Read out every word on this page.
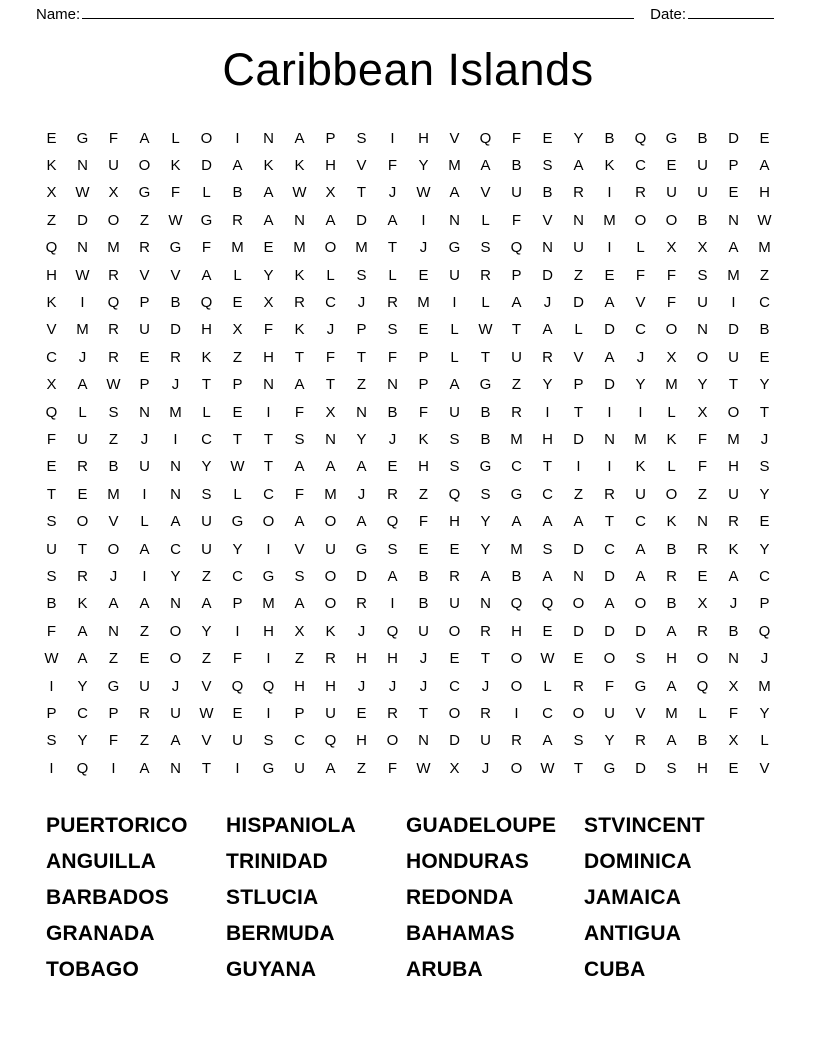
Name:	Date:
Caribbean Islands
E	G	F	A	L	O	I	N	A	P	S	I	H	V	Q	F	E	Y	B	Q	G	B	D	E
K	N	U	O	K	D	A	K	K	H	V	F	Y	M	A	B	S	A	K	C	E	U	P	A
X	W	X	G	F	L	B	A	W	X	T	J	W	A	V	U	B	R	I	R	U	U	E	H
Z	D	O	Z	W	G	R	A	N	A	D	A	I	N	L	F	V	N	M	O	O	B	N	W
Q	N	M	R	G	F	M	E	M	O	M	T	J	G	S	Q	N	U	I	L	X	X	A	M
H	W	R	V	V	A	L	Y	K	L	S	L	E	U	R	P	D	Z	E	F	F	S	M	Z
K	I	Q	P	B	Q	E	X	R	C	J	R	M	I	L	A	J	D	A	V	F	U	I	C
V	M	R	U	D	H	X	F	K	J	P	S	E	L	W	T	A	L	D	C	O	N	D	B
C	J	R	E	R	K	Z	H	T	F	T	F	P	L	T	U	R	V	A	J	X	O	U	E
X	A	W	P	J	T	P	N	A	T	Z	N	P	A	G	Z	Y	P	D	Y	M	Y	T	Y
Q	L	S	N	M	L	E	I	F	X	N	B	F	U	B	R	I	T	I	I	L	X	O	T
F	U	Z	J	I	C	T	T	S	N	Y	J	K	S	B	M	H	D	N	M	K	F	M	J
E	R	B	U	N	Y	W	T	A	A	A	E	H	S	G	C	T	I	I	K	L	F	H	S
T	E	M	I	N	S	L	C	F	M	J	R	Z	Q	S	G	C	Z	R	U	O	Z	U	Y
S	O	V	L	A	U	G	O	A	O	A	Q	F	H	Y	A	A	A	T	C	K	N	R	E
U	T	O	A	C	U	Y	I	V	U	G	S	E	E	Y	M	S	D	C	A	B	R	K	Y
S	R	J	I	Y	Z	C	G	S	O	D	A	B	R	A	B	A	N	D	A	R	E	A	C
B	K	A	A	N	A	P	M	A	O	R	I	B	U	N	Q	Q	O	A	O	B	X	J	P
F	A	N	Z	O	Y	I	H	X	K	J	Q	U	O	R	H	E	D	D	D	A	R	B	Q
W	A	Z	E	O	Z	F	I	Z	R	H	H	J	E	T	O	W	E	O	S	H	O	N	J
I	Y	G	U	J	V	Q	Q	H	H	J	J	J	C	J	O	L	R	F	G	A	Q	X	M
P	C	P	R	U	W	E	I	P	U	E	R	T	O	R	I	C	O	U	V	M	L	F	Y
S	Y	F	Z	A	V	U	S	C	Q	H	O	N	D	U	R	A	S	Y	R	A	B	X	L
I	Q	I	A	N	T	I	G	U	A	Z	F	W	X	J	O	W	T	G	D	S	H	E	V
PUERTORICO	HISPANIOLA	GUADELOUPE	STVINCENT
ANGUILLA	TRINIDAD	HONDURAS	DOMINICA
BARBADOS	STLUCIA	REDONDA	JAMAICA
GRANADA	BERMUDA	BAHAMAS	ANTIGUA
TOBAGO	GUYANA	ARUBA	CUBA
